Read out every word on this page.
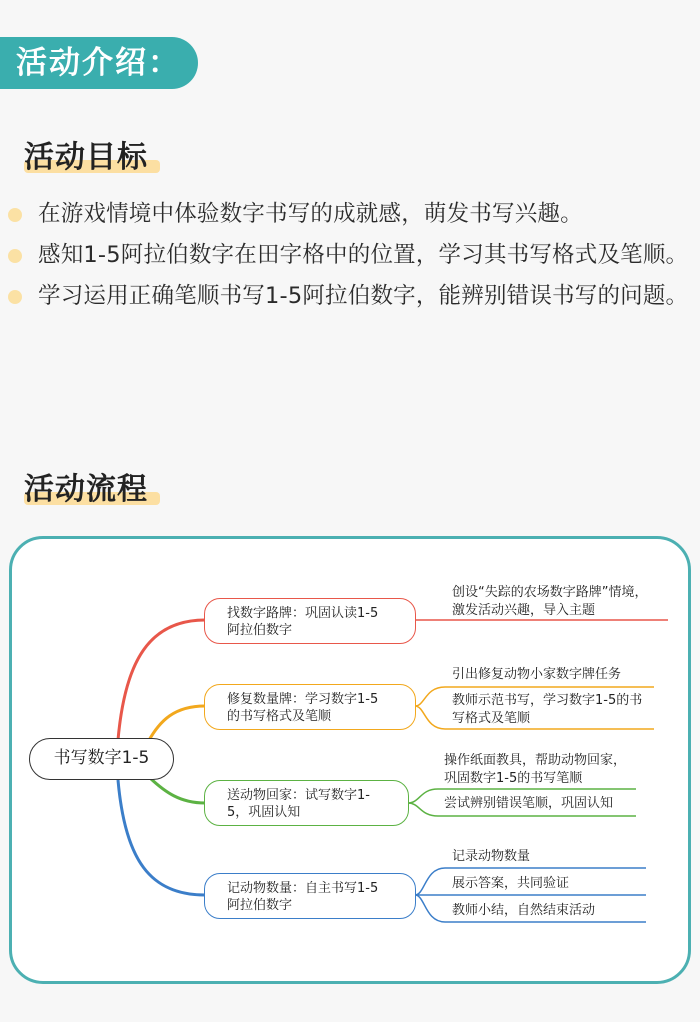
活动介绍：
活动目标
在游戏情境中体验数字书写的成就感，萌发书写兴趣。
感知1-5阿拉伯数字在田字格中的位置，学习其书写格式及笔顺。
学习运用正确笔顺书写1-5阿拉伯数字，能辨别错误书写的问题。
活动流程
书写数字1-5
找数字路牌：巩固认读1-5
阿拉伯数字
修复数量牌：学习数字1-5
的书写格式及笔顺
送动物回家：试写数字1-
5，巩固认知
记动物数量：自主书写1-5
阿拉伯数字
创设“失踪的农场数字路牌”情境，
激发活动兴趣，导入主题
引出修复动物小家数字牌任务
教师示范书写，学习数字1-5的书
写格式及笔顺
操作纸面教具，帮助动物回家，
巩固数字1-5的书写笔顺
尝试辨别错误笔顺，巩固认知
记录动物数量
展示答案，共同验证
教师小结，自然结束活动
